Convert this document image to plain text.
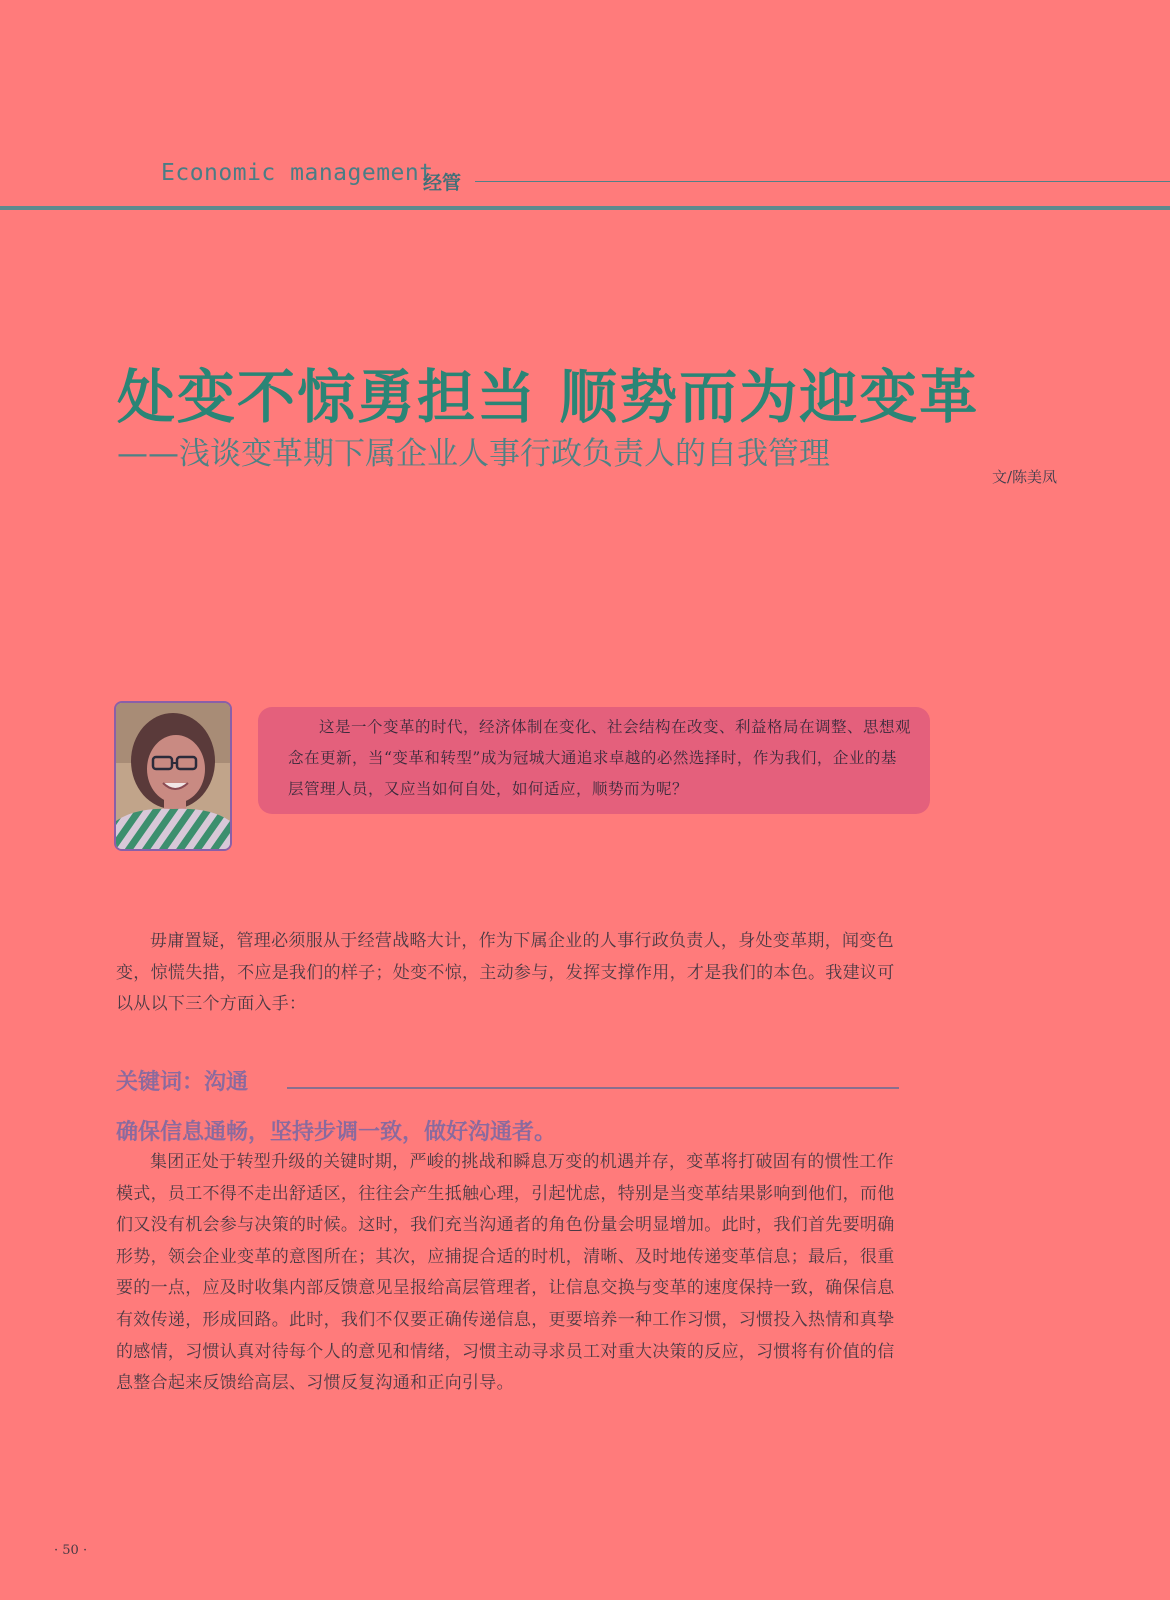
Economic management
经管
处变不惊勇担当 顺势而为迎变革
——浅谈变革期下属企业人事行政负责人的自我管理
文/陈美凤
这是一个变革的时代，经济体制在变化、社会结构在改变、利益格局在调整、思想观念在更新，当“变革和转型”成为冠城大通追求卓越的必然选择时，作为我们，企业的基层管理人员，又应当如何自处，如何适应，顺势而为呢？
毋庸置疑，管理必须服从于经营战略大计，作为下属企业的人事行政负责人，身处变革期，闻变色变，惊慌失措，不应是我们的样子；处变不惊，主动参与，发挥支撑作用，才是我们的本色。我建议可以从以下三个方面入手：
关键词：沟通
确保信息通畅，坚持步调一致，做好沟通者。
集团正处于转型升级的关键时期，严峻的挑战和瞬息万变的机遇并存，变革将打破固有的惯性工作模式，员工不得不走出舒适区，往往会产生抵触心理，引起忧虑，特别是当变革结果影响到他们，而他们又没有机会参与决策的时候。这时，我们充当沟通者的角色份量会明显增加。此时，我们首先要明确形势，领会企业变革的意图所在；其次，应捕捉合适的时机，清晰、及时地传递变革信息；最后，很重要的一点，应及时收集内部反馈意见呈报给高层管理者，让信息交换与变革的速度保持一致，确保信息有效传递，形成回路。此时，我们不仅要正确传递信息，更要培养一种工作习惯，习惯投入热情和真挚的感情，习惯认真对待每个人的意见和情绪，习惯主动寻求员工对重大决策的反应，习惯将有价值的信息整合起来反馈给高层、习惯反复沟通和正向引导。
· 50 ·
